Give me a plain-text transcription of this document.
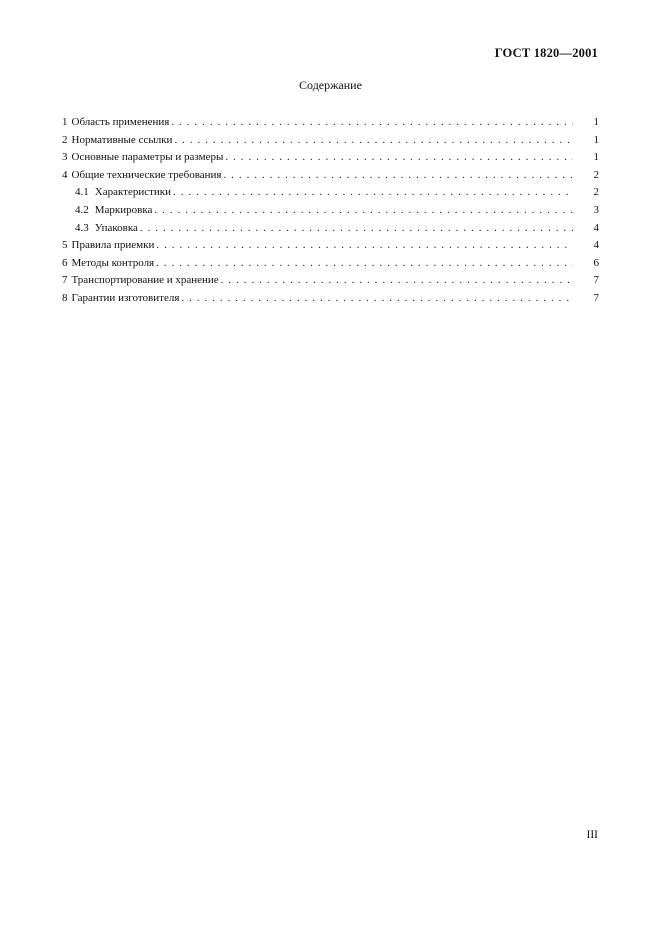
ГОСТ 1820—2001
Содержание
1 Область применения . . .	1
2 Нормативные ссылки . . .	1
3 Основные параметры и размеры . . .	1
4 Общие технические требования . . .	2
4.1 Характеристики . . .	2
4.2 Маркировка . . .	3
4.3 Упаковка . . .	4
5 Правила приемки . . .	4
6 Методы контроля . . .	6
7 Транспортирование и хранение . . .	7
8 Гарантии изготовителя . . .	7
III
